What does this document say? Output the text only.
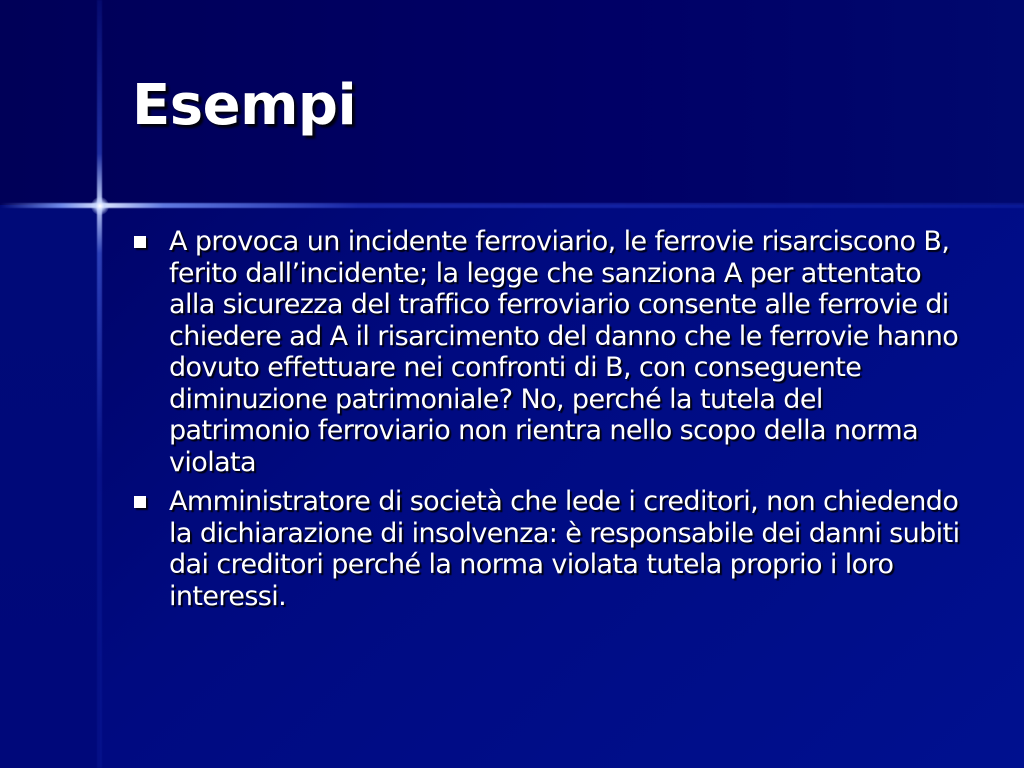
Esempi
A provoca un incidente ferroviario, le ferrovie risarciscono B, ferito dall’incidente; la legge che sanziona A per attentato alla sicurezza del traffico ferroviario consente alle ferrovie di chiedere ad A il risarcimento del danno che le ferrovie hanno dovuto effettuare nei confronti di B, con conseguente diminuzione patrimoniale? No, perché la tutela del patrimonio ferroviario non rientra nello scopo della norma violata
Amministratore di società che lede i creditori, non chiedendo la dichiarazione di insolvenza: è responsabile dei danni subiti dai creditori perché la norma violata tutela proprio i loro interessi.
